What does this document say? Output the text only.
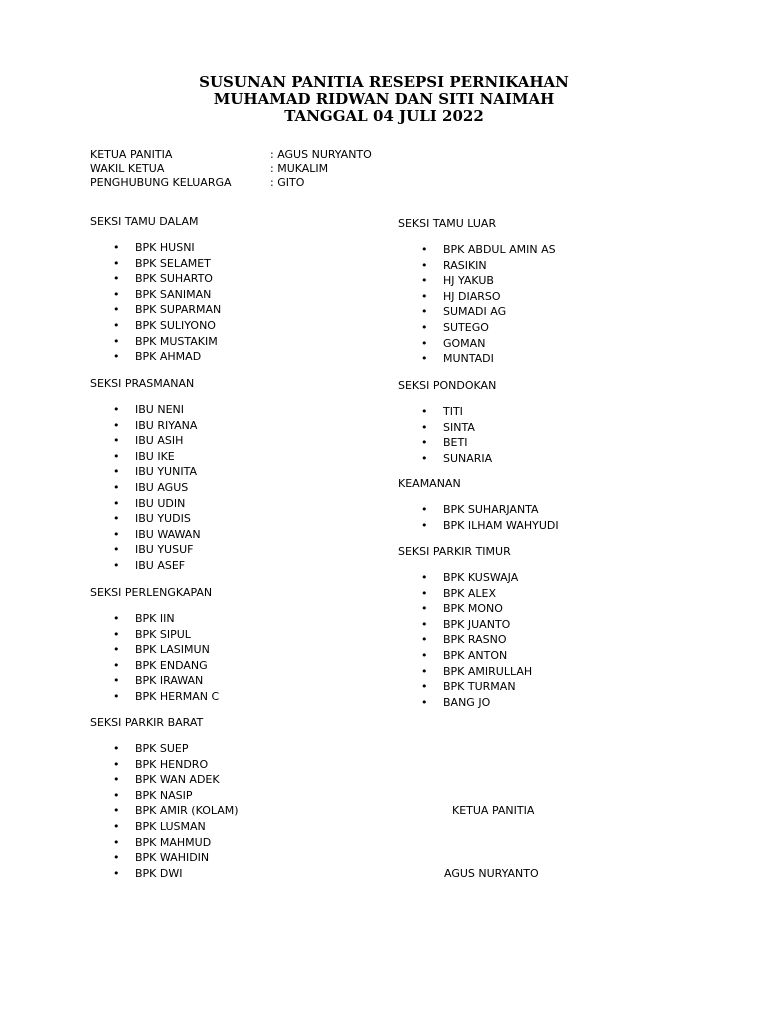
SUSUNAN PANITIA RESEPSI PERNIKAHAN
MUHAMAD RIDWAN DAN SITI NAIMAH
TANGGAL 04 JULI 2022
KETUA PANITIA	: AGUS NURYANTO
WAKIL KETUA	: MUKALIM
PENGHUBUNG KELUARGA	: GITO
SEKSI TAMU DALAM
• BPK HUSNI
• BPK SELAMET
• BPK SUHARTO
• BPK SANIMAN
• BPK SUPARMAN
• BPK SULIYONO
• BPK MUSTAKIM
• BPK AHMAD
SEKSI PRASMANAN
• IBU NENI
• IBU RIYANA
• IBU ASIH
• IBU IKE
• IBU YUNITA
• IBU AGUS
• IBU UDIN
• IBU YUDIS
• IBU WAWAN
• IBU YUSUF
• IBU ASEF
SEKSI PERLENGKAPAN
• BPK IIN
• BPK SIPUL
• BPK LASIMUN
• BPK ENDANG
• BPK IRAWAN
• BPK HERMAN C
SEKSI PARKIR BARAT
• BPK SUEP
• BPK HENDRO
• BPK WAN ADEK
• BPK NASIP
• BPK AMIR (KOLAM)
• BPK LUSMAN
• BPK MAHMUD
• BPK WAHIDIN
• BPK DWI
SEKSI TAMU LUAR
• BPK ABDUL AMIN AS
• RASIKIN
• HJ YAKUB
• HJ DIARSO
• SUMADI AG
• SUTEGO
• GOMAN
• MUNTADI
SEKSI PONDOKAN
• TITI
• SINTA
• BETI
• SUNARIA
KEAMANAN
• BPK SUHARJANTA
• BPK ILHAM WAHYUDI
SEKSI PARKIR TIMUR
• BPK KUSWAJA
• BPK ALEX
• BPK MONO
• BPK JUANTO
• BPK RASNO
• BPK ANTON
• BPK AMIRULLAH
• BPK TURMAN
• BANG JO
KETUA PANITIA
AGUS NURYANTO
